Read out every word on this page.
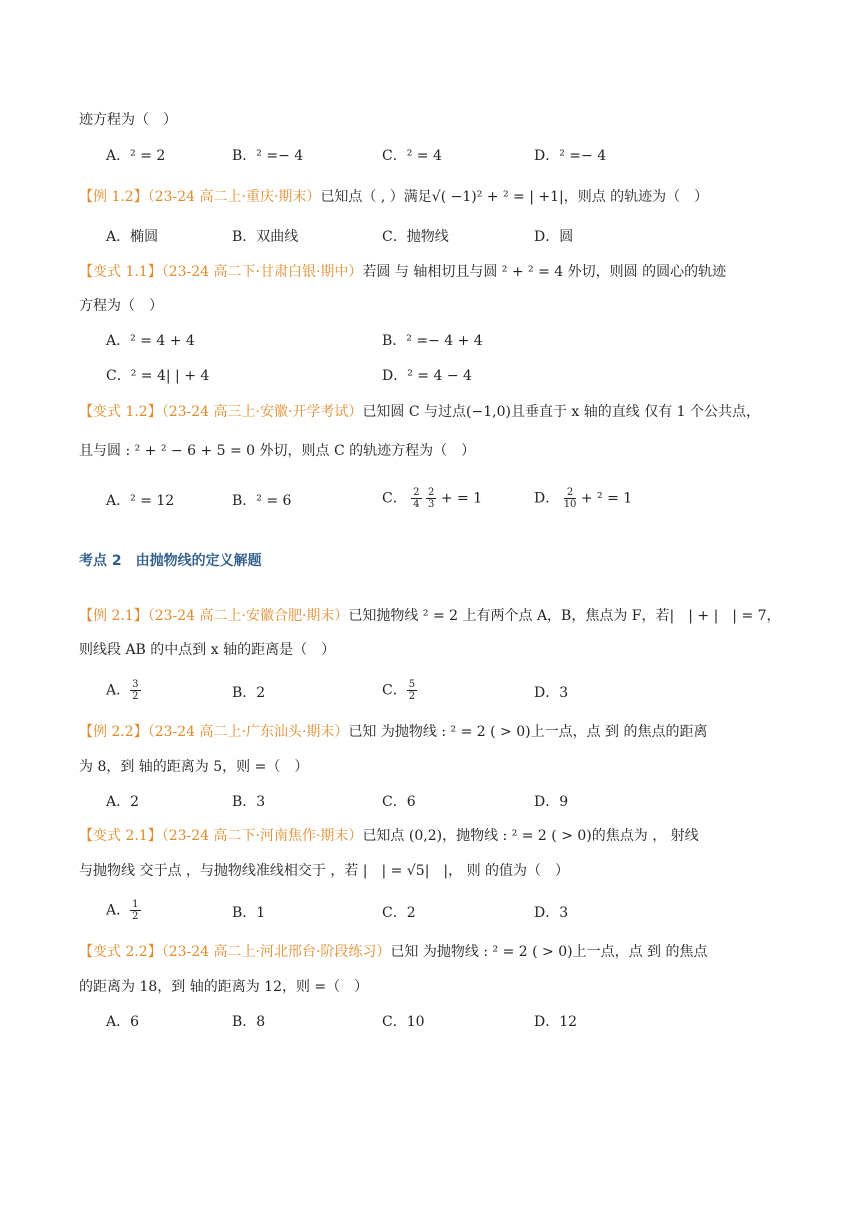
迹方程为（　）
A．² = 2	B．² =− 4	C．² = 4	D．² =− 4
【例 1.2】（23-24 高二上·重庆·期末）已知点（ , ）满足√( −1)² + ² = | +1|，则点 的轨迹为（　）
A．椭圆	B．双曲线	C．抛物线	D．圆
【变式 1.1】（23-24 高二下·甘肃白银·期中）若圆 与 轴相切且与圆 ² + ² = 4 外切，则圆 的圆心的轨迹
方程为（　）
A．² = 4 + 4	B．² =− 4 + 4
C．² = 4| | + 4	D．² = 4 − 4
【变式 1.2】（23-24 高三上·安徽·开学考试）已知圆 C 与过点(−1,0)且垂直于 x 轴的直线 仅有 1 个公共点，
且与圆 : ² + ² − 6 + 5 = 0 外切，则点 C 的轨迹方程为（　）
A．² = 12	B．² = 6	C． $\frac{2}{4}$
$\frac{2}{3}$ + = 1	D． $\frac{2}{10} + ^2 = 1$
考点 2　由抛物线的定义解题
【例 2.1】（23-24 高二上·安徽合肥·期末）已知抛物线 ² = 2 上有两个点 A，B，焦点为 F，若|　| + |　| = 7，
则线段 AB 的中点到 x 轴的距离是（　）
A． $\frac{3}{2}$	B．2	C． $\frac{5}{2}$	D．3
【例 2.2】（23-24 高二上·广东汕头·期末）已知 为抛物线 : ² = 2 ( > 0)上一点，点 到 的焦点的距离
为 8，到 轴的距离为 5，则 =（　）
A．2	B．3	C．6	D．9
【变式 2.1】（23-24 高二下·河南焦作·期末）已知点 (0,2)，抛物线 : ² = 2 ( > 0)的焦点为 ， 射线
与抛物线 交于点 ，与抛物线准线相交于 ，若 |　| = √5|　|， 则 的值为（　）
A． $\frac{1}{2}$	B．1	C．2	D．3
【变式 2.2】（23-24 高二上·河北邢台·阶段练习）已知 为抛物线 : ² = 2 ( > 0)上一点，点 到 的焦点
的距离为 18，到 轴的距离为 12，则 =（　）
A．6	B．8	C．10	D．12
